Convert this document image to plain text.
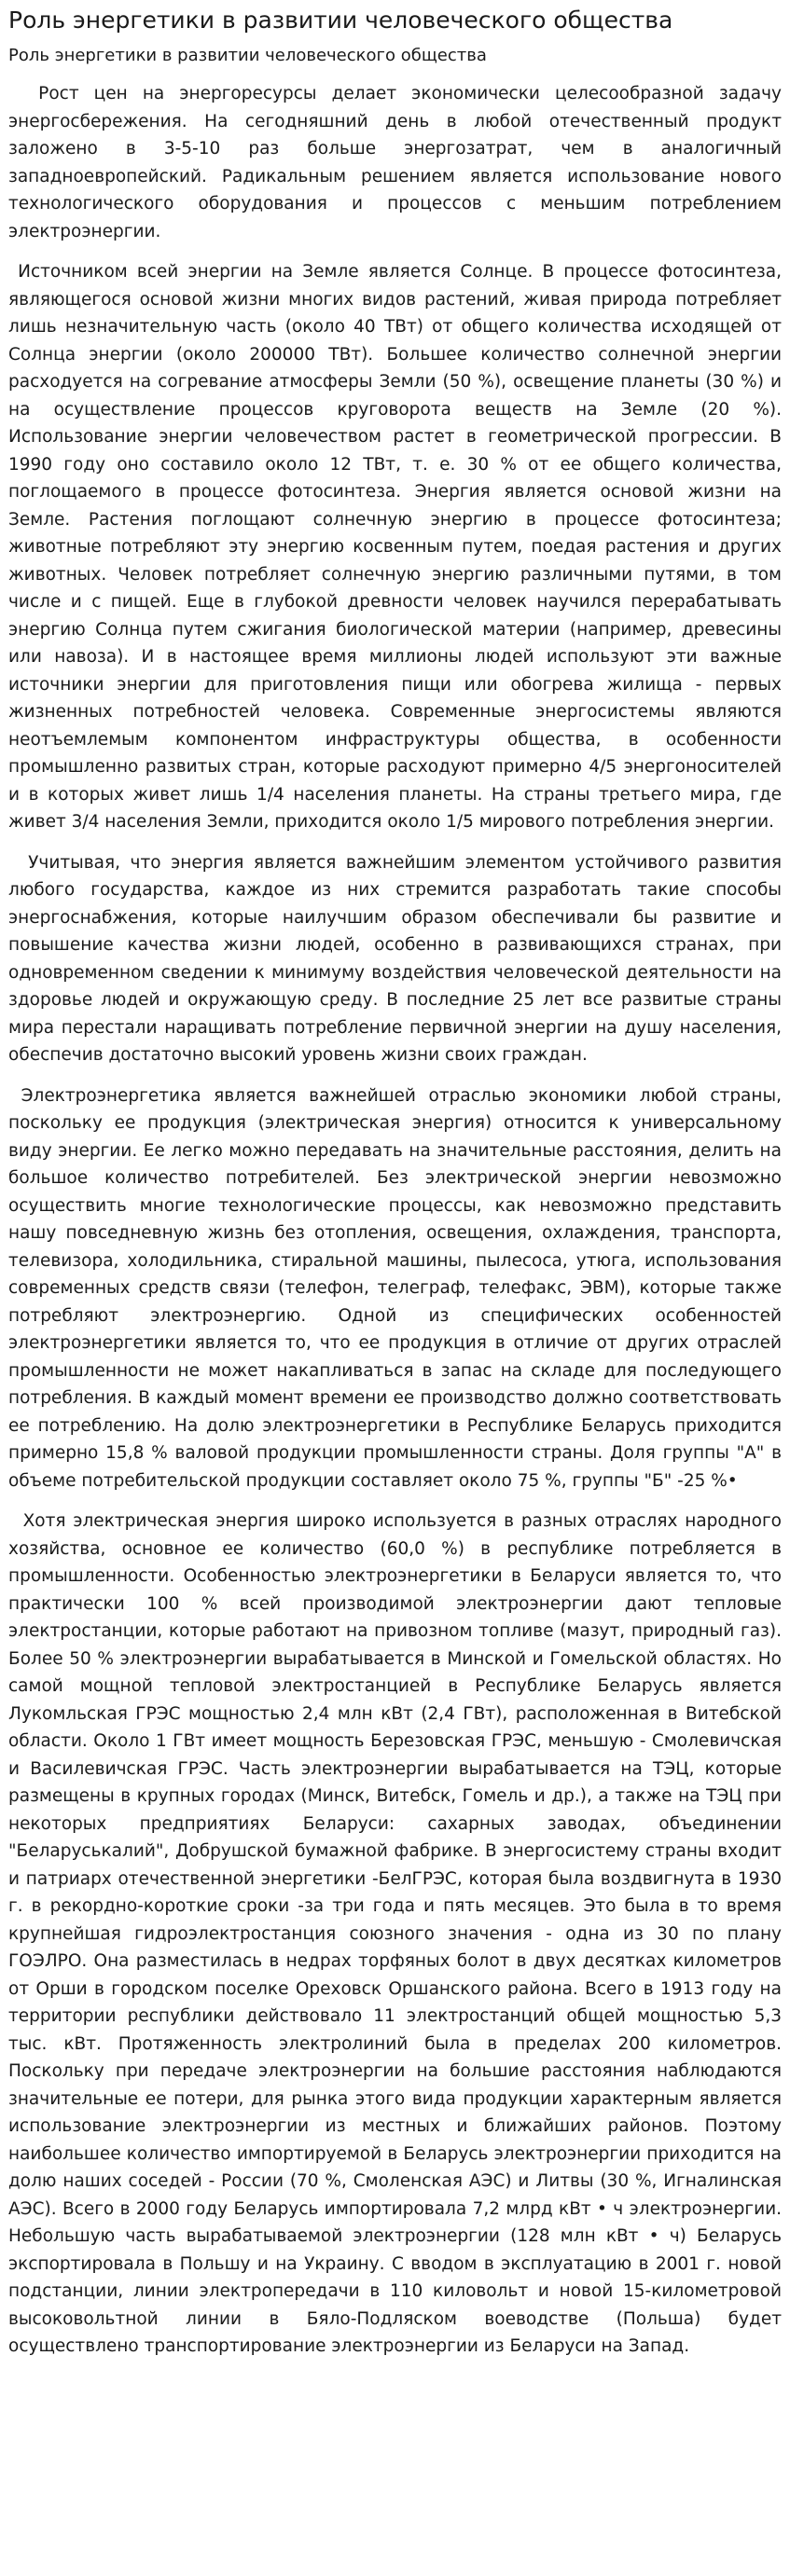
Роль энергетики в развитии человеческого общества
Роль энергетики в развитии человеческого общества

Рост цен на энергоресурсы делает экономически целесообразной задачу энергосбережения. На сегодняшний день в любой отечественный продукт заложено в 3-5-10 раз больше энергозатрат, чем в аналогичный западноевропейский. Радикальным решением является использование нового технологического оборудования и процессов с меньшим потреблением электроэнергии.

Источником всей энергии на Земле является Солнце. В процессе фотосинтеза, являющегося основой жизни многих видов растений, живая природа потребляет лишь незначительную часть (около 40 ТВт) от общего количества исходящей от Солнца энергии (около 200000 ТВт). Большее количество солнечной энергии расходуется на согревание атмосферы Земли (50 %), освещение планеты (30 %) и на осуществление процессов круговорота веществ на Земле (20 %). Использование энергии человечеством растет в геометрической прогрессии. В 1990 году оно составило около 12 ТВт, т. е. 30 % от ее общего количества, поглощаемого в процессе фотосинтеза. Энергия является основой жизни на Земле. Растения поглощают солнечную энергию в процессе фотосинтеза; животные потребляют эту энергию косвенным путем, поедая растения и других животных. Человек потребляет солнечную энергию различными путями, в том числе и с пищей. Еще в глубокой древности человек научился перерабатывать энергию Солнца путем сжигания биологической материи (например, древесины или навоза). И в настоящее время миллионы людей используют эти важные источники энергии для приготовления пищи или обогрева жилища - первых жизненных потребностей человека. Современные энергосистемы являются неотъемлемым компонентом инфраструктуры общества, в особенности промышленно развитых стран, которые расходуют примерно 4/5 энергоносителей и в которых живет лишь 1/4 населения планеты. На страны третьего мира, где живет 3/4 населения Земли, приходится около 1/5 мирового потребления энергии.

Учитывая, что энергия является важнейшим элементом устойчивого развития любого государства, каждое из них стремится разработать такие способы энергоснабжения, которые наилучшим образом обеспечивали бы развитие и повышение качества жизни людей, особенно в развивающихся странах, при одновременном сведении к минимуму воздействия человеческой деятельности на здоровье людей и окружающую среду. В последние 25 лет все развитые страны мира перестали наращивать потребление первичной энергии на душу населения, обеспечив достаточно высокий уровень жизни своих граждан.

Электроэнергетика является важнейшей отраслью экономики любой страны, поскольку ее продукция (электрическая энергия) относится к универсальному виду энергии. Ее легко можно передавать на значительные расстояния, делить на большое количество потребителей. Без электрической энергии невозможно осуществить многие технологические процессы, как невозможно представить нашу повседневную жизнь без отопления, освещения, охлаждения, транспорта, телевизора, холодильника, стиральной машины, пылесоса, утюга, использования современных средств связи (телефон, телеграф, телефакс, ЭВМ), которые также потребляют электроэнергию. Одной из специфических особенностей электроэнергетики является то, что ее продукция в отличие от других отраслей промышленности не может накапливаться в запас на складе для последующего потребления. В каждый момент времени ее производство должно соответствовать ее потреблению. На долю электроэнергетики в Республике Беларусь приходится примерно 15,8 % валовой продукции промышленности страны. Доля группы "А" в объеме потребительской продукции составляет около 75 %, группы "Б" -25 %•

Хотя электрическая энергия широко используется в разных отраслях народного хозяйства, основное ее количество (60,0 %) в республике потребляется в промышленности. Особенностью электроэнергетики в Беларуси является то, что практически 100 % всей производимой электроэнергии дают тепловые электростанции, которые работают на привозном топливе (мазут, природный газ). Более 50 % электроэнергии вырабатывается в Минской и Гомельской областях. Но самой мощной тепловой электростанцией в Республике Беларусь является Лукомльская ГРЭС мощностью 2,4 млн кВт (2,4 ГВт), расположенная в Витебской области. Около 1 ГВт имеет мощность Березовская ГРЭС, меньшую - Смолевичская и Василевичская ГРЭС. Часть электроэнергии вырабатывается на ТЭЦ, которые размещены в крупных городах (Минск, Витебск, Гомель и др.), а также на ТЭЦ при некоторых предприятиях Беларуси: сахарных заводах, объединении "Беларуськалий", Добрушской бумажной фабрике. В энергосистему страны входит и патриарх отечественной энергетики -БелГРЭС, которая была воздвигнута в 1930 г. в рекордно-короткие сроки -за три года и пять месяцев. Это была в то время крупнейшая гидроэлектростанция союзного значения - одна из 30 по плану ГОЭЛРО. Она разместилась в недрах торфяных болот в двух десятках километров от Орши в городском поселке Ореховск Оршанского района. Всего в 1913 году на территории республики действовало 11 электростанций общей мощностью 5,3 тыс. кВт. Протяженность электролиний была в пределах 200 километров. Поскольку при передаче электроэнергии на большие расстояния наблюдаются значительные ее потери, для рынка этого вида продукции характерным является использование электроэнергии из местных и ближайших районов. Поэтому наибольшее количество импортируемой в Беларусь электроэнергии приходится на долю наших соседей - России (70 %, Смоленская АЭС) и Литвы (30 %, Игналинская АЭС). Всего в 2000 году Беларусь импортировала 7,2 млрд кВт • ч электроэнергии. Небольшую часть вырабатываемой электроэнергии (128 млн кВт • ч) Беларусь экспортировала в Польшу и на Украину. С вводом в эксплуатацию в 2001 г. новой подстанции, линии электропередачи в 110 киловольт и новой 15-километровой высоковольтной линии в Бяло-Подляском воеводстве (Польша) будет осуществлено транспортирование электроэнергии из Беларуси на Запад.
